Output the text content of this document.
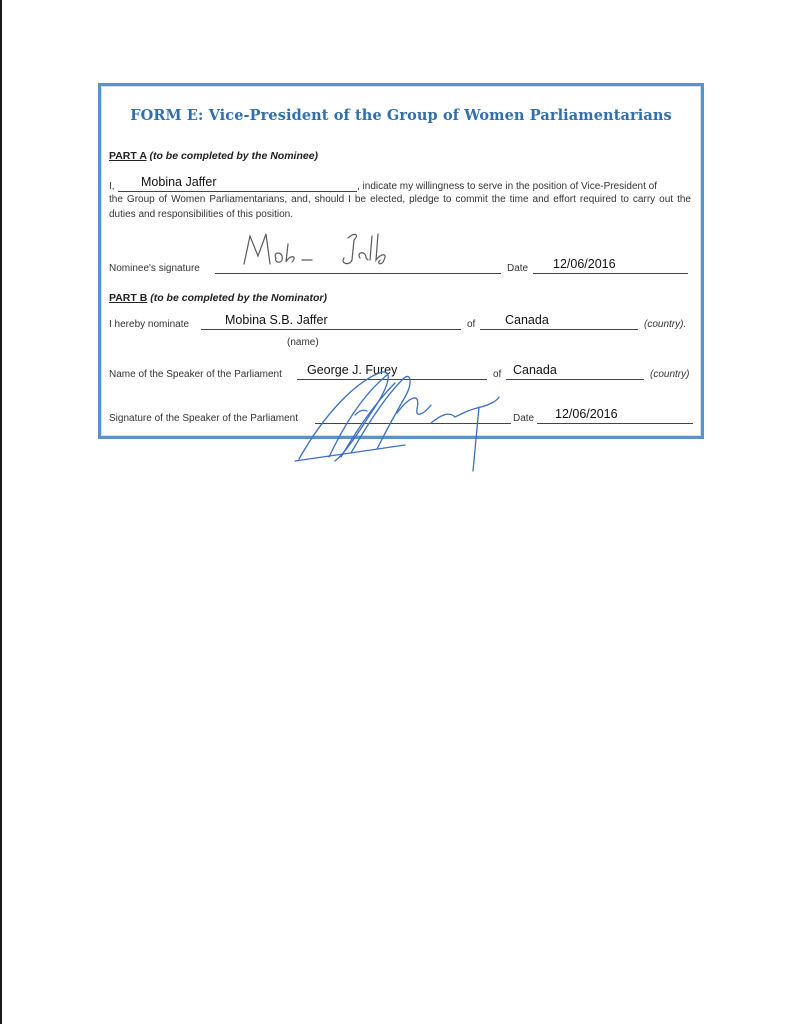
FORM E: Vice-President of the Group of Women Parliamentarians
PART A (to be completed by the Nominee)
I, Mobina Jaffer	, indicate my willingness to serve in the position of Vice-President of
the Group of Women Parliamentarians, and, should I be elected, pledge to commit the time and effort required to carry out the duties and responsibilities of this position.
Nominee's signature	Date 12/06/2016
PART B (to be completed by the Nominator)
I hereby nominate	Mobina S.B. Jaffer	of Canada	(country).
(name)
Name of the Speaker of the Parliament George J. Furey	of Canada	(country)
Signature of the Speaker of the Parliament	Date 12/06/2016
